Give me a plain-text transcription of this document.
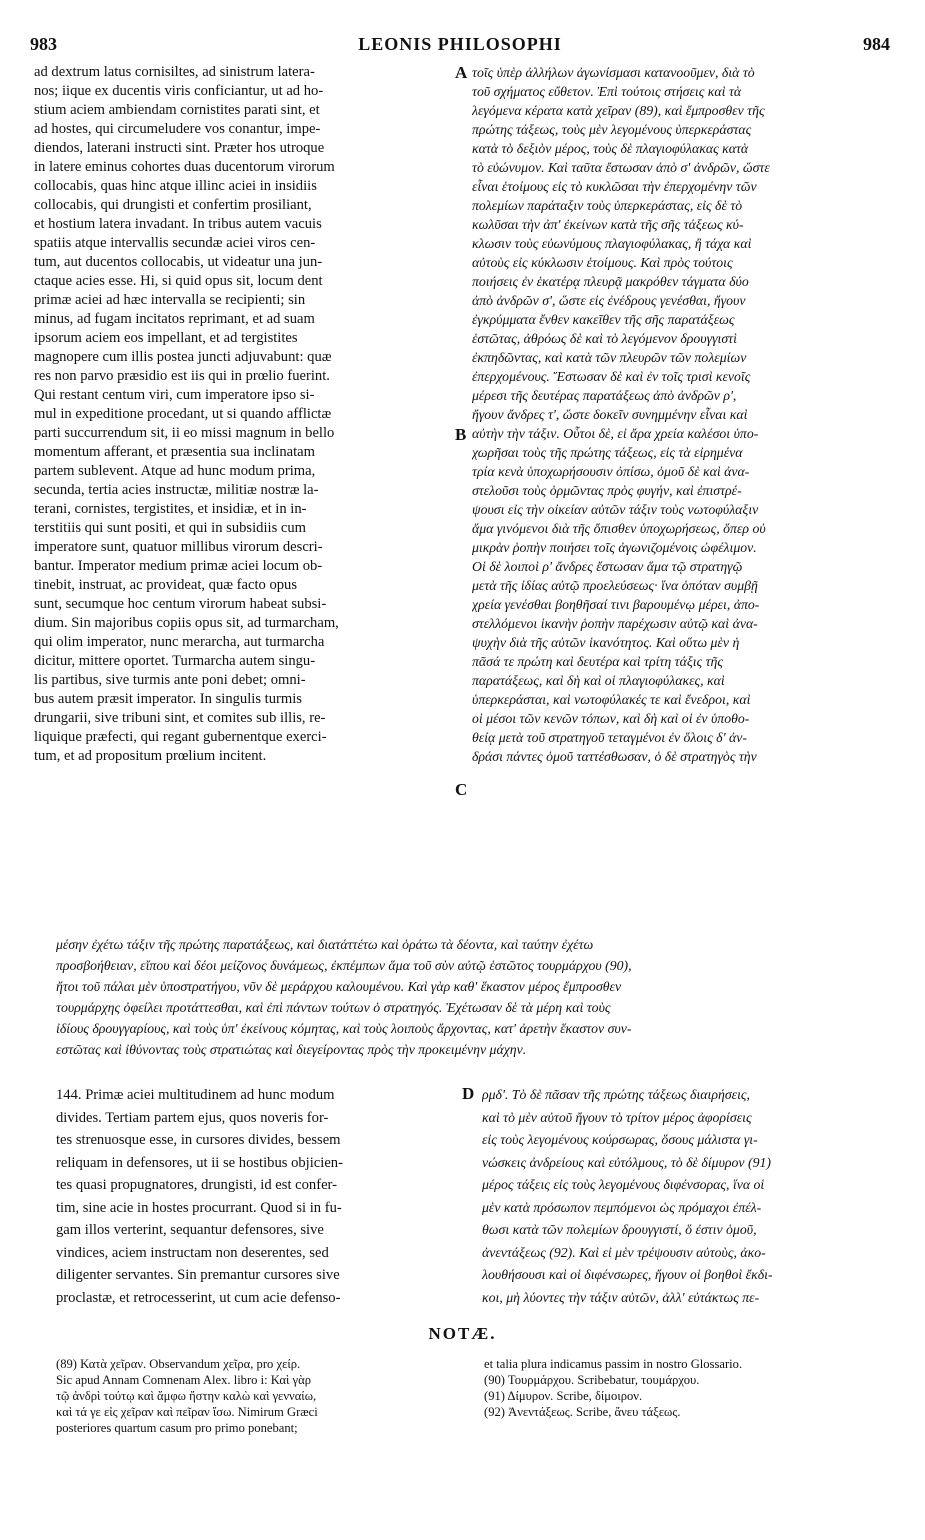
983	LEONIS PHILOSOPHI	984
ad dextrum latus cornisiltes, ad sinistrum latera-
nos; iique ex ducentis viris conficiantur, ut ad ho-
stium aciem ambiendam cornistites parati sint, et
ad hostes, qui circumeludere vos conantur, impe-
diendos, laterani instructi sint. Præter hos utroque
in latere eminus cohortes duas ducentorum virorum
collocabis, quas hinc atque illinc aciei in insidiis
collocabis, qui drungisti et confertim prosiliant,
et hostium latera invadant. In tribus autem vacuis
spatiis atque intervallis secundæ aciei viros cen-
tum, aut ducentos collocabis, ut videatur una jun-
ctaque acies esse. Hi, si quid opus sit, locum dent
primæ aciei ad hæc intervalla se recipienti; sin
minus, ad fugam incitatos reprimant, et ad suam
ipsorum aciem eos impellant, et ad tergistites
magnopere cum illis postea juncti adjuvabunt: quæ
res non parvo præsidio est iis qui in prœlio fuerint.
Qui restant centum viri, cum imperatore ipso si-
mul in expeditione procedant, ut si quando afflictæ
parti succurrendum sit, ii eo missi magnum in bello
momentum afferant, et præsentia sua inclinatam
partem sublevent. Atque ad hunc modum prima,
secunda, tertia acies instructæ, militiæ nostræ la-
terani, cornistes, tergistites, et insidiæ, et in in-
terstitiis qui sunt positi, et qui in subsidiis cum
imperatore sunt, quatuor millibus virorum descri-
bantur. Imperator medium primæ aciei locum ob-
tinebit, instruat, ac provideat, quæ facto opus
sunt, secumque hoc centum virorum habeat subsi-
dium. Sin majoribus copiis opus sit, ad turmarcham,
qui olim imperator, nunc merarcha, aut turmarcha
dicitur, mittere oportet. Turmarcha autem singu-
lis partibus, sive turmis ante poni debet; omni-
bus autem præsit imperator. In singulis turmis
drungarii, sive tribuni sint, et comites sub illis, re-
liquique præfecti, qui regant gubernentque exerci-
tum, et ad propositum prœlium incitent.
τοῖς ὑπὲρ ἀλλήλων ἀγωνίσμασι κατανοοῦμεν, διὰ τὸ
τοῦ σχήματος εὔθετον. Ἐπὶ τούτοις στήσεις καὶ τὰ
λεγόμενα κέρατα κατὰ χεῖραν (89), καὶ ἔμπροσθεν τῆς
πρώτης τάξεως, τοὺς μὲν λεγομένους ὑπερκεράστας
κατὰ τὸ δεξιὸν μέρος, τοὺς δὲ πλαγιοφύλακας κατὰ
τὸ εὐώνυμον. Καὶ ταῦτα ἔστωσαν ἀπὸ σ' ἀνδρῶν, ὥστε
εἶναι ἑτοίμους εἰς τὸ κυκλῶσαι τὴν ἐπερχομένην τῶν
πολεμίων παράταξιν τοὺς ὑπερκεράστας, εἰς δὲ τὸ
κωλῦσαι τὴν ἀπ' ἐκείνων κατὰ τῆς σῆς τάξεως κύ-
κλωσιν τοὺς εὐωνύμους πλαγιοφύλακας, ἢ τάχα καὶ
αὐτοὺς εἰς κύκλωσιν ἑτοίμους. Καὶ πρὸς τούτοις
ποιήσεις ἐν ἑκατέρᾳ πλευρᾷ μακρόθεν τάγματα δύο
ἀπὸ ἀνδρῶν σ', ὥστε εἰς ἐνέδρους γενέσθαι, ἤγουν
ἐγκρύμματα ἔνθεν κακεῖθεν τῆς σῆς παρατάξεως
ἑστῶτας, ἀθρόως δὲ καὶ τὸ λεγόμενον δρουγγιστὶ
ἐκπηδῶντας, καὶ κατὰ τῶν πλευρῶν τῶν πολεμίων
ἐπερχομένους. Ἔστωσαν δὲ καὶ ἐν τοῖς τρισὶ κενοῖς
μέρεσι τῆς δευτέρας παρατάξεως ἀπὸ ἀνδρῶν ρ',
ἤγουν ἄνδρες τ', ὥστε δοκεῖν συνημμένην εἶναι καὶ
αὐτὴν τὴν τάξιν. Οὗτοι δὲ, εἰ ἄρα χρεία καλέσοι ὑπο-
χωρῆσαι τοὺς τῆς πρώτης τάξεως, εἰς τὰ εἰρημένα
τρία κενὰ ὑποχωρήσουσιν ὀπίσω, ὁμοῦ δὲ καὶ ἀνα-
στελοῦσι τοὺς ὁρμῶντας πρὸς φυγήν, καὶ ἐπιστρέ-
ψουσι εἰς τὴν οἰκείαν αὐτῶν τάξιν τοὺς νωτοφύλαξιν
ἅμα γινόμενοι διὰ τῆς ὄπισθεν ὑποχωρήσεως, ὅπερ οὐ
μικρὰν ῥοπὴν ποιήσει τοῖς ἀγωνιζομένοις ὠφέλιμον.
Οἱ δὲ λοιποὶ ρ' ἄνδρες ἔστωσαν ἅμα τῷ στρατηγῷ
μετὰ τῆς ἰδίας αὐτῷ προελεύσεως· ἵνα ὁπόταν συμβῇ
χρεία γενέσθαι βοηθῆσαί τινι βαρουμένῳ μέρει, ἀπο-
στελλόμενοι ἱκανὴν ῥοπὴν παρέχωσιν αὐτῷ καὶ ἀνα-
ψυχὴν διὰ τῆς αὐτῶν ἱκανότητος. Καὶ οὕτω μὲν ἡ
πᾶσά τε πρώτη καὶ δευτέρα καὶ τρίτη τάξις τῆς
παρατάξεως, καὶ δὴ καὶ οἱ πλαγιοφύλακες, καὶ
ὑπερκεράσται, καὶ νωτοφύλακές τε καὶ ἔνεδροι, καὶ
οἱ μέσοι τῶν κενῶν τόπων, καὶ δὴ καὶ οἱ ἐν ὑποθο-
θείᾳ μετὰ τοῦ στρατηγοῦ τεταγμένοι ἐν ὅλοις δ' ἀν-
δράσι πάντες ὁμοῦ ταττέσθωσαν, ὁ δὲ στρατηγὸς τὴν
A
B
C
D
μέσην ἐχέτω τάξιν τῆς πρώτης παρατάξεως, καὶ διατάττέτω καὶ ὁράτω τὰ δέοντα, καὶ ταύτην ἐχέτω
προσβοήθειαν, εἴπου καὶ δέοι μείζονος δυνάμεως, ἐκπέμπων ἅμα τοῦ σὺν αὐτῷ ἑστῶτος τουρμάρχου (90),
ἤτοι τοῦ πάλαι μὲν ὑποστρατήγου, νῦν δὲ μεράρχου καλουμένου. Καὶ γὰρ καθ' ἕκαστον μέρος ἔμπροσθεν
τουρμάρχης ὀφείλει προτάττεσθαι, καὶ ἐπὶ πάντων τούτων ὁ στρατηγός. Ἐχέτωσαν δὲ τὰ μέρη καὶ τοὺς
ἰδίους δρουγγαρίους, καὶ τοὺς ὑπ' ἐκείνους κόμητας, καὶ τοὺς λοιποὺς ἄρχοντας, κατ' ἀρετὴν ἕκαστον συν-
εστῶτας καὶ ἰθύνοντας τοὺς στρατιώτας καὶ διεγείροντας πρὸς τὴν προκειμένην μάχην.
144. Primæ aciei multitudinem ad hunc modum
divides. Tertiam partem ejus, quos noveris for-
tes strenuosque esse, in cursores divides, bessem
reliquam in defensores, ut ii se hostibus objicien-
tes quasi propugnatores, drungisti, id est confer-
tim, sine acie in hostes procurrant. Quod si in fu-
gam illos verterint, sequantur defensores, sive
vindices, aciem instructam non deserentes, sed
diligenter servantes. Sin premantur cursores sive
proclastæ, et retrocesserint, ut cum acie defenso-
ρμδ'. Τὸ δὲ πᾶσαν τῆς πρώτης τάξεως διαιρήσεις,
καὶ τὸ μὲν αὐτοῦ ἤγουν τὸ τρίτον μέρος ἀφορίσεις
εἰς τοὺς λεγομένους κούρσωρας, ὅσους μάλιστα γι-
νώσκεις ἀνδρείους καὶ εὐτόλμους, τὸ δὲ δίμυρον (91)
μέρος τάξεις εἰς τοὺς λεγομένους διφένσορας, ἵνα οἱ
μὲν κατὰ πρόσωπον πεμπόμενοι ὡς πρόμαχοι ἐπέλ-
θωσι κατὰ τῶν πολεμίων δρουγγιστί, ὅ ἐστιν ὁμοῦ,
ἀνεντάξεως (92). Καὶ εἰ μὲν τρέψουσιν αὐτοὺς, ἀκο-
λουθήσουσι καὶ οἱ διφένσωρες, ἤγουν οἱ βοηθοὶ ἔκδι-
κοι, μὴ λύοντες τὴν τάξιν αὐτῶν, ἀλλ' εὐτάκτως πε-
NOTÆ.
(89) Κατὰ χεῖραν. Observandum χεῖρα, pro χείρ.
Sic apud Annam Comnenam Alex. libro i: Καὶ γὰρ
τῷ ἀνδρὶ τούτῳ καὶ ἄμφω ἤστην καλὼ καὶ γενναίω,
καὶ τά γε εἰς χεῖραν καὶ πεῖραν ἴσω. Nimirum Græci
posteriores quartum casum pro primo ponebant;
et talia plura indicamus passim in nostro Glossario.
(90) Τουρμάρχου. Scribebatur, τουμάρχου.
(91) Δίμυρον. Scribe, δίμοιρον.
(92) Ἀνεντάξεως. Scribe, ἄνευ τάξεως.
